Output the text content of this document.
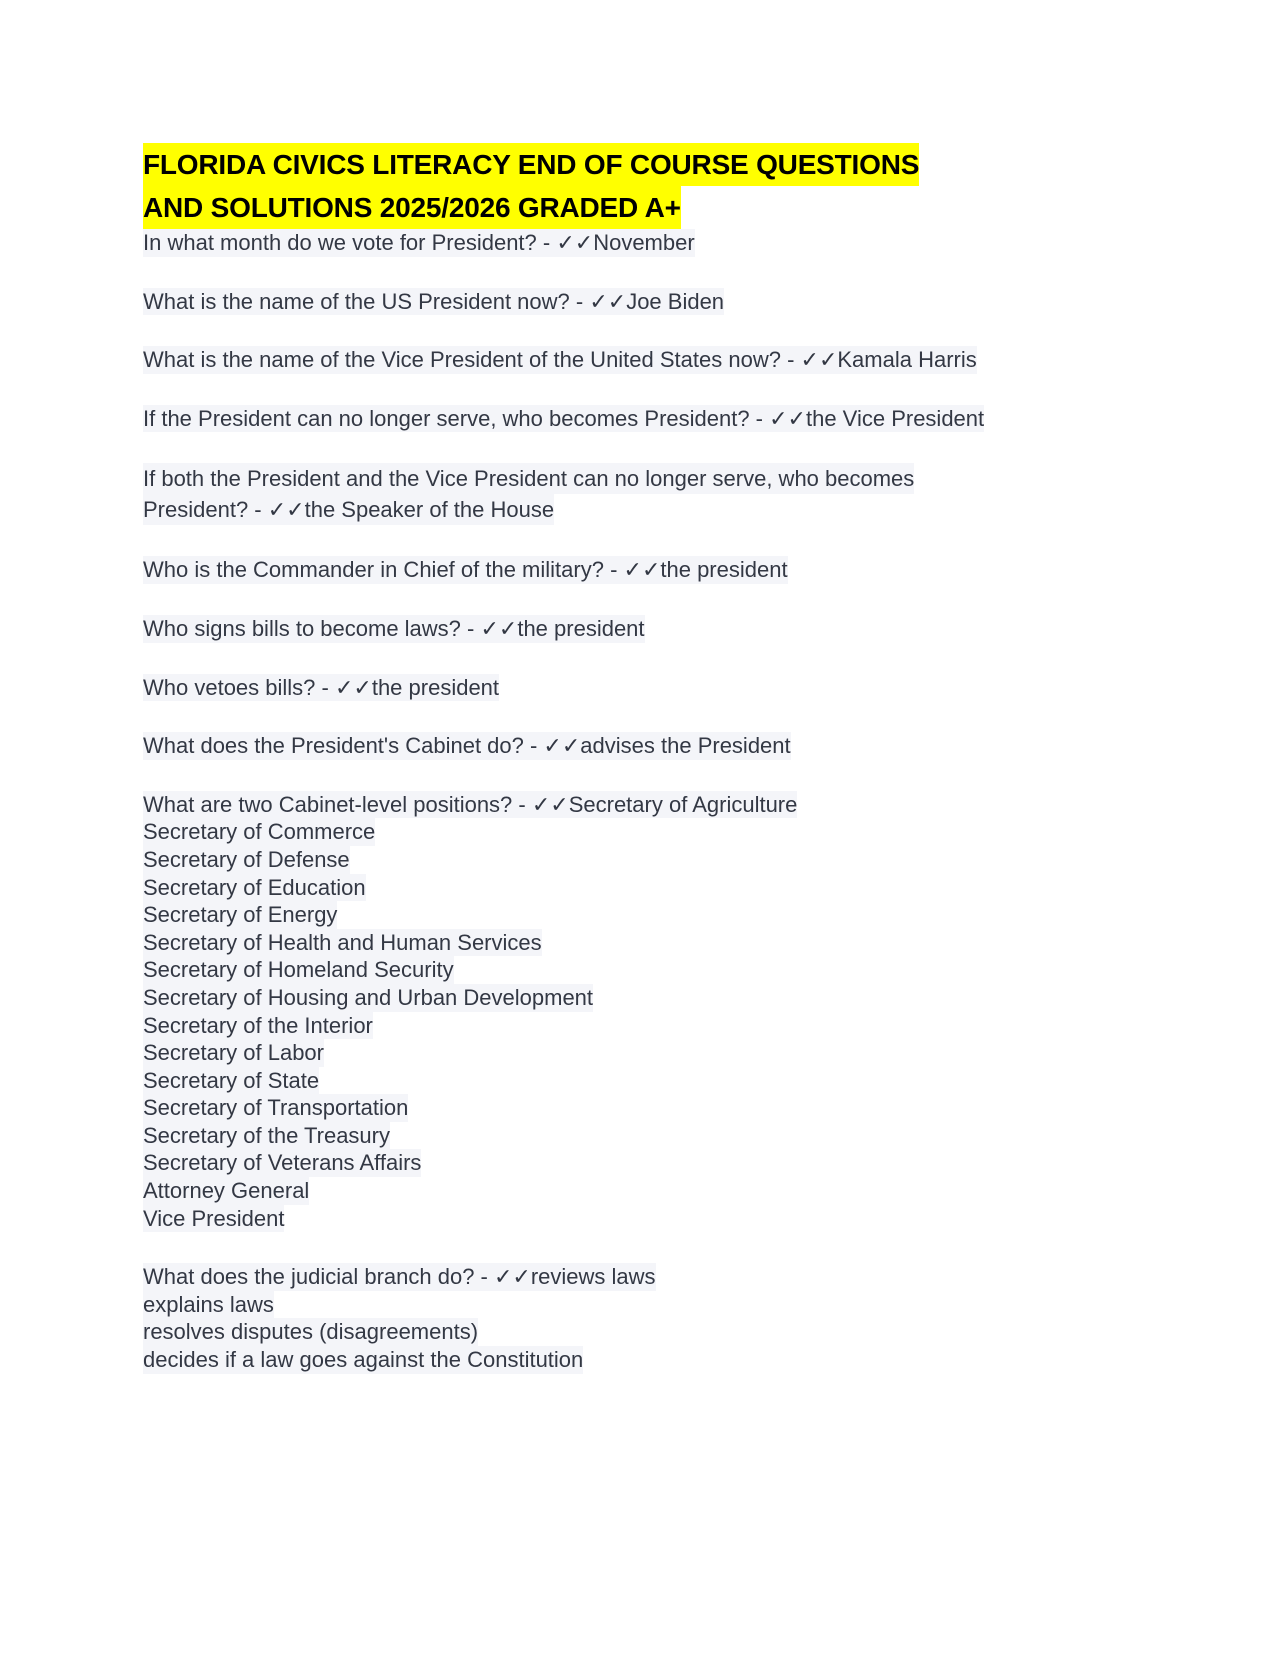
FLORIDA CIVICS LITERACY END OF COURSE QUESTIONS
AND SOLUTIONS 2025/2026 GRADED A+
In what month do we vote for President? - ✓✓November
What is the name of the US President now? - ✓✓Joe Biden
What is the name of the Vice President of the United States now? - ✓✓Kamala Harris
If the President can no longer serve, who becomes President? - ✓✓the Vice President
If both the President and the Vice President can no longer serve, who becomes
President? - ✓✓the Speaker of the House
Who is the Commander in Chief of the military? - ✓✓the president
Who signs bills to become laws? - ✓✓the president
Who vetoes bills? - ✓✓the president
What does the President's Cabinet do? - ✓✓advises the President
What are two Cabinet-level positions? - ✓✓Secretary of Agriculture
Secretary of Commerce
Secretary of Defense
Secretary of Education
Secretary of Energy
Secretary of Health and Human Services
Secretary of Homeland Security
Secretary of Housing and Urban Development
Secretary of the Interior
Secretary of Labor
Secretary of State
Secretary of Transportation
Secretary of the Treasury
Secretary of Veterans Affairs
Attorney General
Vice President
What does the judicial branch do? - ✓✓reviews laws
explains laws
resolves disputes (disagreements)
decides if a law goes against the Constitution
